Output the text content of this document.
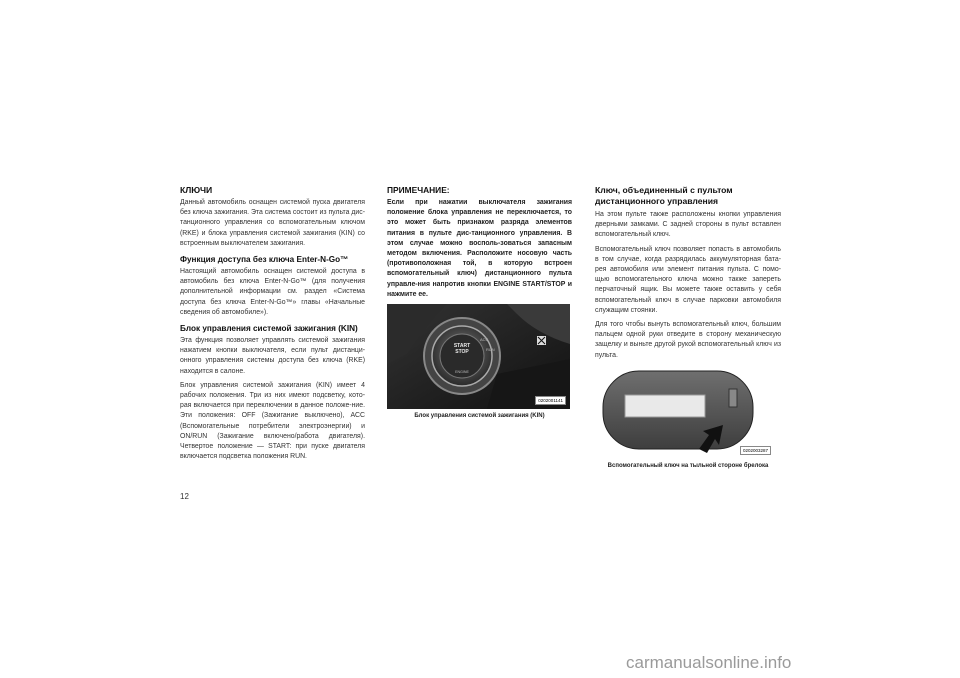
КЛЮЧИ
Данный автомобиль оснащен системой пуска двигателя без ключа зажигания. Эта система состоит из пульта дис-танционного управления со вспомогательным ключом (RKE) и блока управления системой зажигания (KIN) со встроенным выключателем зажигания.
Функция доступа без ключа Enter-N-Go™
Настоящий автомобиль оснащен системой доступа в автомобиль без ключа Enter-N-Go™ (для получения дополнительной информации см. раздел «Система доступа без ключа Enter-N-Go™» главы «Начальные сведения об автомобиле»).
Блок управления системой зажигания (KIN)
Эта функция позволяет управлять системой зажигания нажатием кнопки выключателя, если пульт дистанци-онного управления системы доступа без ключа (RKE) находится в салоне.
Блок управления системой зажигания (KIN) имеет 4 рабочих положения. Три из них имеют подсветку, кото-рая включается при переключении в данное положе-ние. Эти положения: OFF (Зажигание выключено), ACC (Вспомогательные потребители электроэнергии) и ON/RUN (Зажигание включено/работа двигателя). Четвертое положение — START: при пуске двигателя включается подсветка положения RUN.
ПРИМЕЧАНИЕ:
Если при нажатии выключателя зажигания положение блока управления не переключается, то это может быть признаком разряда элементов питания в пульте дис-танционного управления. В этом случае можно восполь-зоваться запасным методом включения. Расположите носовую часть (противоположная той, в которую встроен вспомогательный ключ) дистанционного пульта управле-ния напротив кнопки ENGINE START/STOP и нажмите ее.
ACC
RUN
START
STOP
ENGINE
0202001141
Блок управления системой зажигания (KIN)
Ключ, объединенный с пультом дистанционного управления
На этом пульте также расположены кнопки управления дверными замками. С задней стороны в пульт вставлен вспомогательный ключ.
Вспомогательный ключ позволяет попасть в автомобиль в том случае, когда разрядилась аккумуляторная бата-рея автомобиля или элемент питания пульта. С помо-щью вспомогательного ключа можно также запереть перчаточный ящик. Вы можете также оставить у себя вспомогательный ключ в случае парковки автомобиля служащим стоянки.
Для того чтобы вынуть вспомогательный ключ, большим пальцем одной руки отведите в сторону механическую защелку и выньте другой рукой вспомогательный ключ из пульта.
0202003287
Вспомогательный ключ на тыльной стороне брелока
12
carmanualsonline.info
